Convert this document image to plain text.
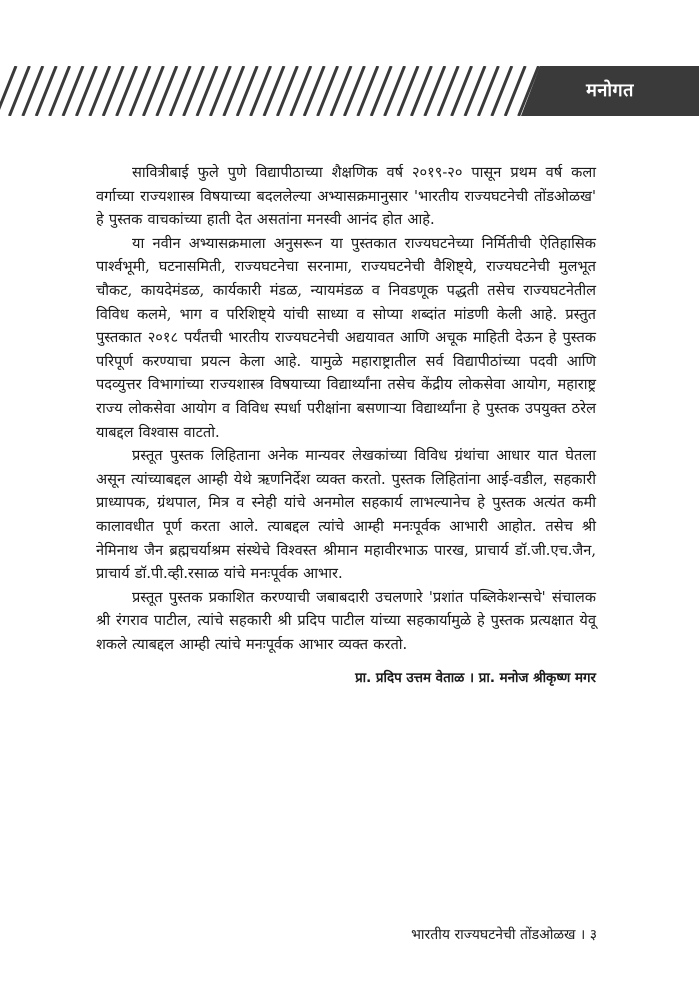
मनोगत

सावित्रीबाई फुले पुणे विद्यापीठाच्या शैक्षणिक वर्ष २०१९-२० पासून प्रथम वर्ष कला वर्गाच्या राज्यशास्त्र विषयाच्या बदललेल्या अभ्यासक्रमानुसार 'भारतीय राज्यघटनेची तोंडओळख' हे पुस्तक वाचकांच्या हाती देत असतांना मनस्वी आनंद होत आहे.

या नवीन अभ्यासक्रमाला अनुसरून या पुस्तकात राज्यघटनेच्या निर्मितीची ऐतिहासिक पार्श्वभूमी, घटनासमिती, राज्यघटनेचा सरनामा, राज्यघटनेची वैशिष्ट्ये, राज्यघटनेची मुलभूत चौकट, कायदेमंडळ, कार्यकारी मंडळ, न्यायमंडळ व निवडणूक पद्धती तसेच राज्यघटनेतील विविध कलमे, भाग व परिशिष्ट्ये यांची साध्या व सोप्या शब्दांत मांडणी केली आहे. प्रस्तुत पुस्तकात २०१८ पर्यंतची भारतीय राज्यघटनेची अद्ययावत आणि अचूक माहिती देऊन हे पुस्तक परिपूर्ण करण्याचा प्रयत्न केला आहे. यामुळे महाराष्ट्रातील सर्व विद्यापीठांच्या पदवी आणि पदव्युत्तर विभागांच्या राज्यशास्त्र विषयाच्या विद्यार्थ्यांना तसेच केंद्रीय लोकसेवा आयोग, महाराष्ट्र राज्य लोकसेवा आयोग व विविध स्पर्धा परीक्षांना बसणाऱ्या विद्यार्थ्यांना हे पुस्तक उपयुक्त ठरेल याबद्दल विश्वास वाटतो.

प्रस्तूत पुस्तक लिहिताना अनेक मान्यवर लेखकांच्या विविध ग्रंथांचा आधार यात घेतला असून त्यांच्याबद्दल आम्ही येथे ऋणनिर्देश व्यक्त करतो. पुस्तक लिहितांना आई-वडील, सहकारी प्राध्यापक, ग्रंथपाल, मित्र व स्नेही यांचे अनमोल सहकार्य लाभल्यानेच हे पुस्तक अत्यंत कमी कालावधीत पूर्ण करता आले. त्याबद्दल त्यांचे आम्ही मनःपूर्वक आभारी आहोत. तसेच श्री नेमिनाथ जैन ब्रह्मचर्याश्रम संस्थेचे विश्वस्त श्रीमान महावीरभाऊ पारख, प्राचार्य डॉ.जी.एच.जैन, प्राचार्य डॉ.पी.व्ही.रसाळ यांचे मनःपूर्वक आभार.

प्रस्तूत पुस्तक प्रकाशित करण्याची जबाबदारी उचलणारे 'प्रशांत पब्लिकेशन्सचे' संचालक श्री रंगराव पाटील, त्यांचे सहकारी श्री प्रदिप पाटील यांच्या सहकार्यामुळे हे पुस्तक प्रत्यक्षात येवू शकले त्याबद्दल आम्ही त्यांचे मनःपूर्वक आभार व्यक्त करतो.

प्रा. प्रदिप उत्तम वेताळ । प्रा. मनोज श्रीकृष्ण मगर

भारतीय राज्यघटनेची तोंडओळख । ३
